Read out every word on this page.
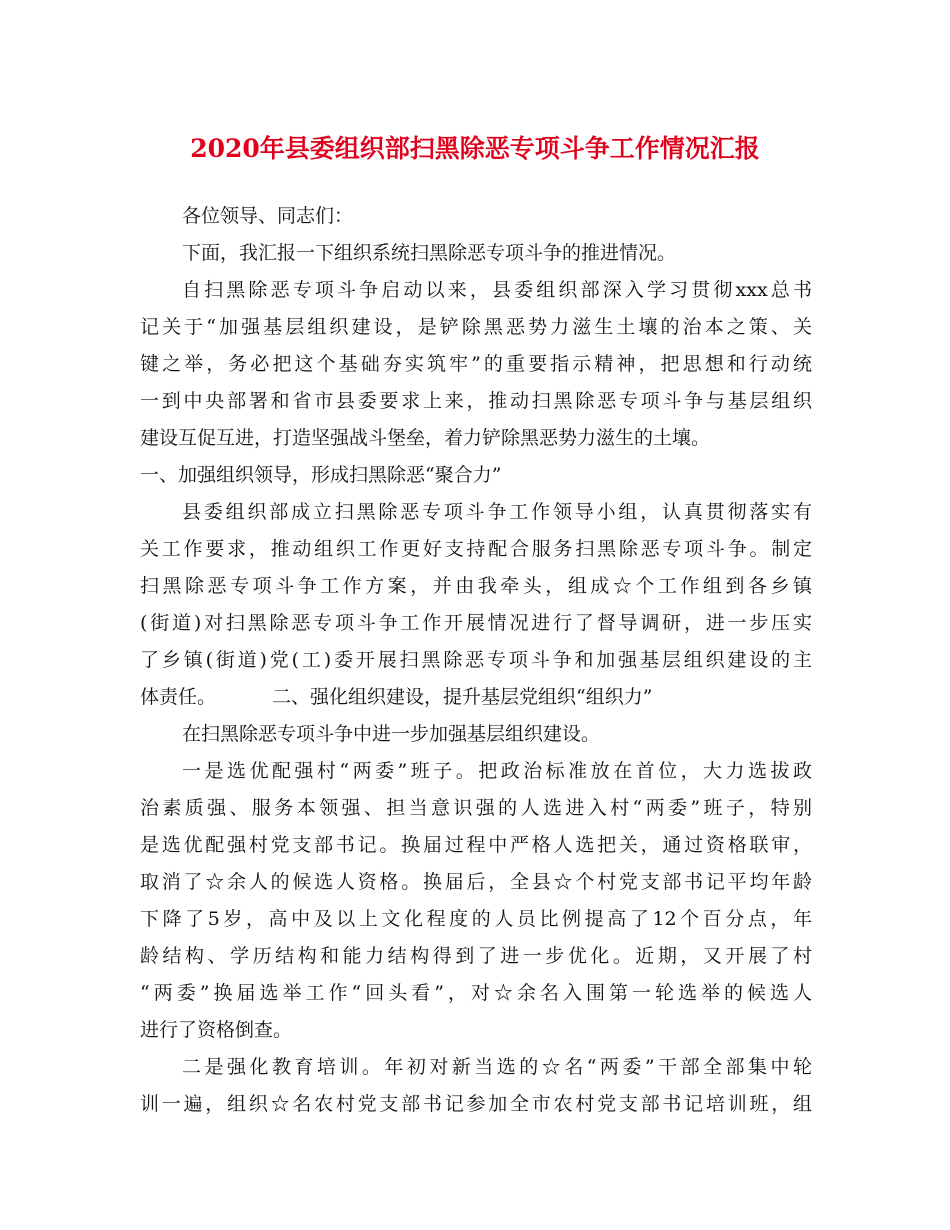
2020年县委组织部扫黑除恶专项斗争工作情况汇报
各位领导、同志们：
下面，我汇报一下组织系统扫黑除恶专项斗争的推进情况。
自扫黑除恶专项斗争启动以来，县委组织部深入学习贯彻xxx总书
记关于“加强基层组织建设，是铲除黑恶势力滋生土壤的治本之策、关
键之举，务必把这个基础夯实筑牢”的重要指示精神，把思想和行动统
一到中央部署和省市县委要求上来，推动扫黑除恶专项斗争与基层组织
建设互促互进，打造坚强战斗堡垒，着力铲除黑恶势力滋生的土壤。
一、加强组织领导，形成扫黑除恶“聚合力”
县委组织部成立扫黑除恶专项斗争工作领导小组，认真贯彻落实有
关工作要求，推动组织工作更好支持配合服务扫黑除恶专项斗争。制定
扫黑除恶专项斗争工作方案，并由我牵头，组成☆个工作组到各乡镇
(街道)对扫黑除恶专项斗争工作开展情况进行了督导调研，进一步压实
了乡镇(街道)党(工)委开展扫黑除恶专项斗争和加强基层组织建设的主
体责任。	二、强化组织建设，提升基层党组织“组织力”
在扫黑除恶专项斗争中进一步加强基层组织建设。
一是选优配强村“两委”班子。把政治标准放在首位，大力选拔政
治素质强、服务本领强、担当意识强的人选进入村“两委”班子，特别
是选优配强村党支部书记。换届过程中严格人选把关，通过资格联审，
取消了☆余人的候选人资格。换届后，全县☆个村党支部书记平均年龄
下降了5岁，高中及以上文化程度的人员比例提高了12个百分点，年
龄结构、学历结构和能力结构得到了进一步优化。近期，又开展了村
“两委”换届选举工作“回头看”，对☆余名入围第一轮选举的候选人
进行了资格倒查。
二是强化教育培训。年初对新当选的☆名“两委”干部全部集中轮
训一遍，组织☆名农村党支部书记参加全市农村党支部书记培训班，组
